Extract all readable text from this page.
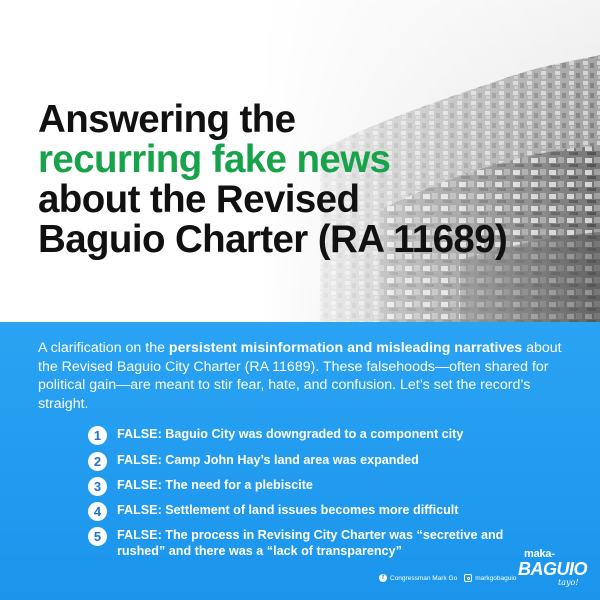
Answering the
recurring fake news
about the Revised
Baguio Charter (RA 11689)

A clarification on the persistent misinformation and misleading narratives about the Revised Baguio City Charter (RA 11689). These falsehoods—often shared for political gain—are meant to stir fear, hate, and confusion. Let’s set the record’s straight.

1	FALSE: Baguio City was downgraded to a component city
2	FALSE: Camp John Hay’s land area was expanded
3	FALSE: The need for a plebiscite
4	FALSE: Settlement of land issues becomes more difficult
5	FALSE: The process in Revising City Charter was “secretive and rushed” and there was a “lack of transparency”
f Congressman Mark Go	markgobaguio
maka-
BAGUIO
tayo!
